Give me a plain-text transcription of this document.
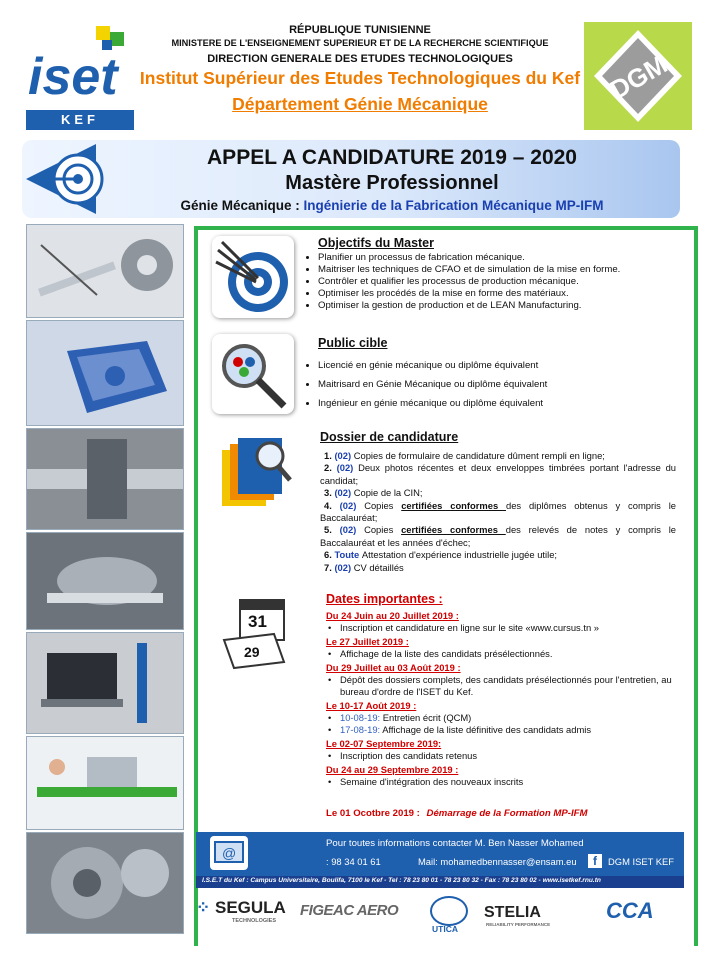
iset
KEF
RÉPUBLIQUE TUNISIENNE
MINISTERE DE L'ENSEIGNEMENT SUPERIEUR ET DE LA RECHERCHE SCIENTIFIQUE
DIRECTION GENERALE DES ETUDES TECHNOLOGIQUES
Institut Supérieur des Etudes Technologiques du Kef
Département Génie Mécanique	DGM
APPEL A CANDIDATURE 2019 – 2020
Mastère Professionnel
Génie Mécanique : Ingénierie de la Fabrication Mécanique MP-IFM
Objectifs du Master
• Planifier un processus de fabrication mécanique.
• Maitriser les techniques de CFAO et de simulation de la mise en forme.
• Contrôler et qualifier les processus de production mécanique.
• Optimiser les procédés de la mise en forme des matériaux.
• Optimiser la gestion de production et de LEAN Manufacturing.
Public cible
• Licencié en génie mécanique ou diplôme équivalent
• Maitrisard en Génie Mécanique ou diplôme équivalent
• Ingénieur en génie mécanique ou diplôme équivalent
Dossier de candidature
1. (02) Copies de formulaire de candidature dûment rempli en ligne;
2. (02) Deux photos récentes et deux enveloppes timbrées portant l'adresse du candidat;
3. (02) Copie de la CIN;
4. (02) Copies certifiées conformes des diplômes obtenus y compris le Baccalauréat;
5. (02) Copies certifiées conformes des relevés de notes y compris le Baccalauréat et les années d'échec;
6. Toute Attestation d'expérience industrielle jugée utile;
7. (02) CV détaillés
31
29
Dates importantes :
Du 24 Juin au 20 Juillet 2019 :
• Inscription et candidature en ligne sur le site «www.cursus.tn »
Le 27 Juillet 2019 :
• Affichage de la liste des candidats présélectionnés.
Du 29 Juillet au 03 Août 2019 :
• Dépôt des dossiers complets, des candidats présélectionnés pour l'entretien, au bureau d'ordre de l'ISET du Kef.
Le 10-17 Août 2019 :
• 10-08-19: Entretien écrit (QCM)
• 17-08-19: Affichage de la liste définitive des candidats admis
Le 02-07 Septembre 2019:
• Inscription des candidats retenus
Du 24 au 29 Septembre 2019 :
• Semaine d'intégration des nouveaux inscrits
Le 01 Ocotbre 2019 : Démarrage de la Formation MP-IFM
@
Pour toutes informations contacter M. Ben Nasser Mohamed
: 98 34 01 61	Mail: mohamedbennasser@ensam.eu	f	DGM ISET KEF
I.S.E.T du Kef : Campus Universitaire, Boulifa, 7100 le Kef - Tel : 78 23 80 01 - 78 23 80 32 - Fax : 78 23 80 02 - www.isetkef.rnu.tn
⁘ SEGULA
TECHNOLOGIES
FIGEAC AERO
UTICA
STELIA
RELIABILITY PERFORMANCE
CCA
